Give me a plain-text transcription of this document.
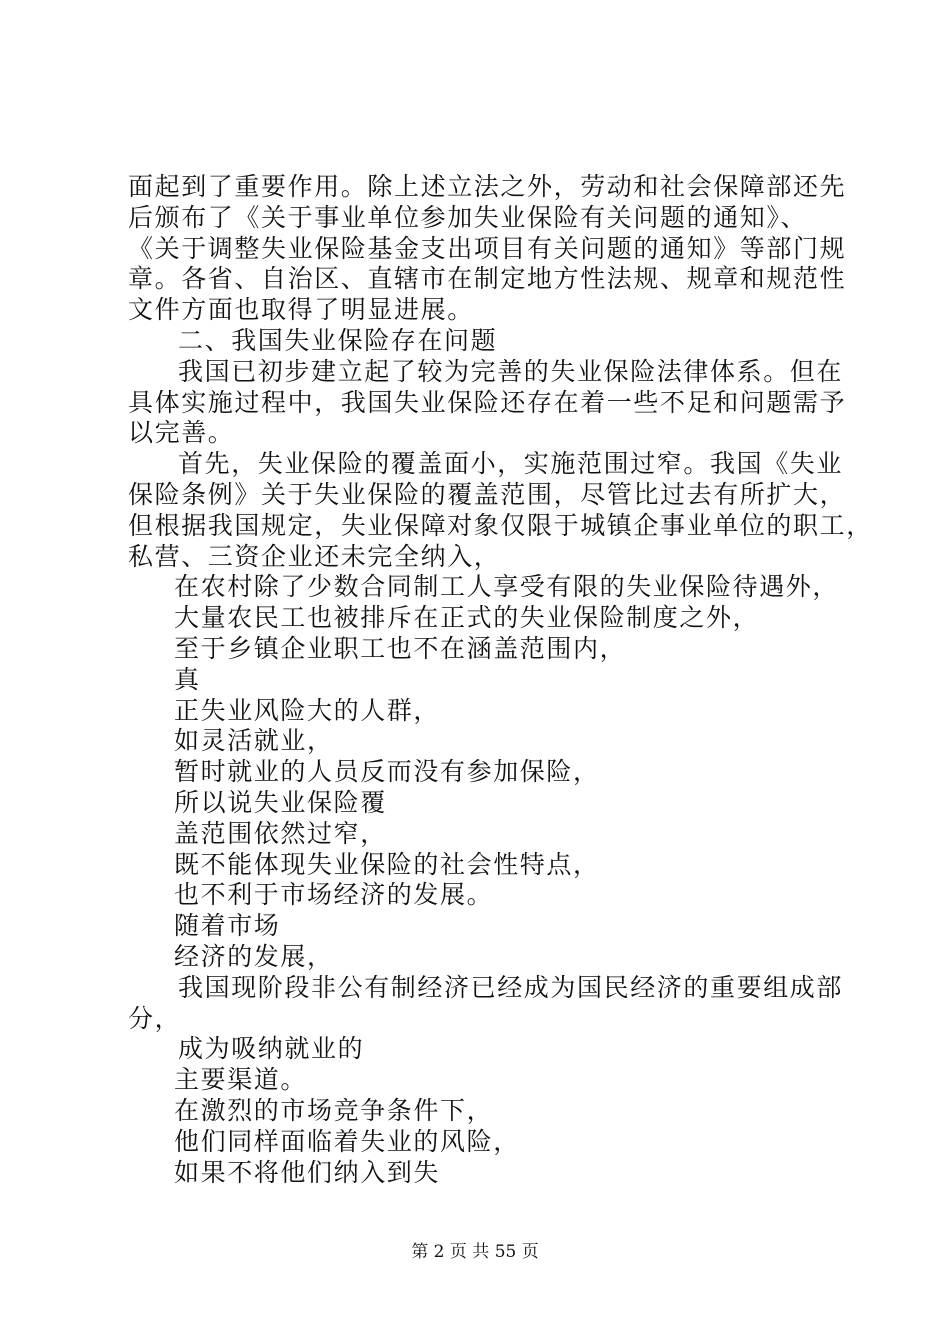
面起到了重要作用。除上述立法之外，劳动和社会保障部还先
后颁布了《关于事业单位参加失业保险有关问题的通知》、
《关于调整失业保险基金支出项目有关问题的通知》等部门规
章。各省、自治区、直辖市在制定地方性法规、规章和规范性
文件方面也取得了明显进展。
二、我国失业保险存在问题
我国已初步建立起了较为完善的失业保险法律体系。但在
具体实施过程中，我国失业保险还存在着一些不足和问题需予
以完善。
首先，失业保险的覆盖面小，实施范围过窄。我国《失业
保险条例》关于失业保险的覆盖范围，尽管比过去有所扩大，
但根据我国规定，失业保障对象仅限于城镇企事业单位的职工，
私营、三资企业还未完全纳入，
在农村除了少数合同制工人享受有限的失业保险待遇外，
大量农民工也被排斥在正式的失业保险制度之外，
至于乡镇企业职工也不在涵盖范围内，
真
正失业风险大的人群，
如灵活就业，
暂时就业的人员反而没有参加保险，
所以说失业保险覆
盖范围依然过窄，
既不能体现失业保险的社会性特点，
也不利于市场经济的发展。
随着市场
经济的发展，
我国现阶段非公有制经济已经成为国民经济的重要组成部
分，
成为吸纳就业的
主要渠道。
在激烈的市场竞争条件下，
他们同样面临着失业的风险，
如果不将他们纳入到失
第 2 页 共 55 页
